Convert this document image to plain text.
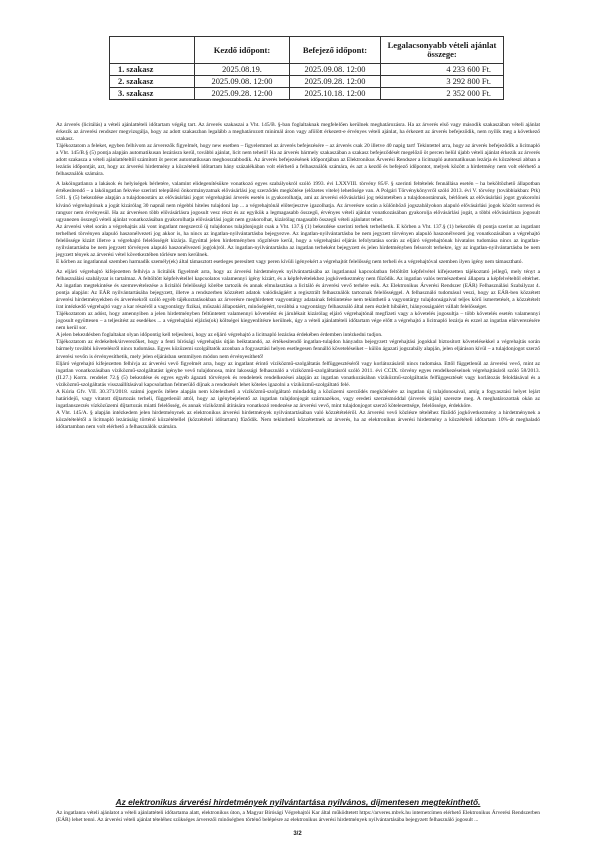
	Kezdő időpont:	Befejező időpont:	Legalacsonyabb vételi ajánlat összege:
1. szakasz	2025.08.19.	2025.09.08. 12:00	4 233 600 Ft.
2. szakasz	2025.09.08. 12:00	2025.09.28. 12:00	3 292 800 Ft.
3. szakasz	2025.09.28. 12:00	2025.10.18. 12:00	2 352 000 Ft.

Az árverés (licitálás) a vételi ajánlattételi időtartam végéig tart. Az árverés szakaszai a Vht. 145/B. §-ban foglaltaknak megfelelően kerülnek meghatározásra. Ha az árverés első vagy második szakaszában vételi ajánlat érkezik az árverési rendszer megvizsgálja, hogy az adott szakaszban legalább a meghatározott minimál áron vagy afölött érkezett-e érvényes vételi ajánlat, ha érkezett az árverés befejeződik, nem nyílik meg a következő szakasz.

Tájékoztatom a feleket, egyben felhívom az árverezők figyelmét, hogy new esetben – figyelemmel az árverés befejezésére – az árverés csak 20 illetve 40 napig tart! Tekintettel arra, hogy az árverés befejeződik a licitnapló a Vht. 145/B.§ (5) pontja alapján automatikusan lezárásra kerül, további ajánlat, licit nem tehető! Ha az árverés bármely szakaszában a szakasz befejeződését megelőző öt percen belül újabb vételi ajánlat érkezik az árverés adott szakasza a vételi ajánlattételtől számított öt percet automatikusan meghosszabbodik. Az árverés befejezésének időpontjában az Elektronikus Árverési Rendszer a licitnapló automatikusan lezárja és közzéteszi abban a lezárás időpontját, azt, hogy az árverési hirdetmény a közzétételi időtartam hány százalékában volt elérhető a felhasználók számára, és azt a kezdő és befejező időpontot, melyek között a hirdetmény nem volt elérhető a felhasználók számára.

A lakóingatlanra a lakások és helyiségek bérletére, valamint elidegenítésükre vonatkozó egyes szabályokról szóló 1993. évi LXXVIII. törvény 85/F. § szerinti feltételek fennállása esetén – ha beköltözhető állapotban értékesítendő – a lakóingatlan fekvése szerinti települési önkormányzatnak elővásárlási jog szerződés megkötése (előzetes vitele) lehetősége van. A Polgári Törvénykönyvről szóló 2013. évi V. törvény (továbbiakban: Ptk) 5:81. § (5) bekezdése alapján a tulajdonostárs az elővásárlási jogot végrehajtási árverés esetén is gyakorolhatja, ami az árverési elővásárlási jog tekintetében a tulajdonostársnak, bérlőnek az elővásárlási jogot gyakorolni kívánó végrehajtónak a jogát kizárólag 30 napnál nem régebbi hiteles tulajdoni lap ... a végrehajtónál előterjesztve igazolhatja. Az árverésre során a különböző jogszabályokon alapuló elővásárlási jogok között sorrend és rangsor nem érvényesül. Ha az árverésen több elővásárlásra jogosult vesz részt és az egyikük a legmagasabb összegű, érvényes vételi ajánlat vonatkozásában gyakorolja elővásárlási jogát, a többi elővásárlásra jogosult ugyanezen összegű vételi ajánlat vonatkozásában gyakorolhatja elővásárlási jogát nem gyakorolhat, kizárólag magasabb összegű vételi ajánlatot tehet.

Az árverési vétel során a végrehajtás alá vont ingatlant megszerző új tulajdonos tulajdonjogát csak a Vht. 137.§ (1) bekezdése szerinti terhek terhelhetik. E körben a Vht. 137.§ (1) bekezdés d) pontja szerint az ingatlant terhelheti törvényen alapuló haszonélvezeti jog akkor is, ha nincs az ingatlan-nyilvántartásba bejegyezve. Az ingatlan-nyilvántartásba be nem jegyzett törvényen alapuló haszonélvezeti jog vonatkozásában a végrehajtó felelőssége kizárt illetve a végrehajtó felelősségét kizárja. Egyúttal jelen hirdetményben rögzítésre kerül, hogy a végrehajtási eljárás lefolytatása során az eljáró végrehajtónak hivatalos tudomása nincs az ingatlan-nyilvántartásba be nem jegyzett törvényen alapuló haszonélvezeti jog(ok)ról. Az ingatlan-nyilvántartásba az ingatlan terheként bejegyzett és jelen hirdetményben felsorolt terhekre, így az ingatlan-nyilvántartásba be nem jegyzett tények az árverési vétel következtében törlésre nem kerülnek.

E körben az ingatlannal szemben harmadik személy(ek) által támasztott esetleges peresített vagy peren kívüli igényekért a végrehajtót felelősség nem terheli és a végrehajtóval szemben ilyen igény nem támasztható.

Az eljáró végrehajtó kifejezetten felhívja a licitálók figyelmét arra, hogy az árverési hirdetmények nyilvántartásába az ingatlannal kapcsolatban feltöltött képfelvétel kifejezetten tájékoztató jellegű, mely tényt a felhasználási szabályzat is tartalmaz. A feltöltött képfelvétellel kapcsolatos valamennyi igény kizárt, és a képfelvételekhez jogkövetkezmény nem fűződik. Az ingatlan valós természetbeni állapota a képfelvételtől eltérhet. Az ingatlan megtekintése és szemrevételezése a licitálói felelősségi körébe tartozik és annak elmulasztása a licitáló és árverési vevő terhére esik. Az Elektronikus Árverési Rendszer (EÁR) Felhasználási Szabályzat 4. pontja alapján: Az EÁR nyilvántartásába bejegyzett, illetve a rendszerben közzétett adatok valódiságáért a regisztrált felhasználók tartoznak felelősséggel. A felhasználó tudomásul veszi, hogy az EÁR-ben közzétett árverési hirdetményekben és árverésekről szóló egyéb tájékoztatásokban az árverésre meghirdetett vagyontárgy adatainak feltüntetése nem tekinthető a vagyontárgy tulajdonságaival teljes körű ismertetését, a közzétételt írat intézkedő végrehajtó vagy a kar részéről a vagyontárgy fizikai, műszaki állapotáért, minőségéért, továbbá a vagyontárgy felhasználó által nem észlelt hibáiért, hiányosságaiért vállalt felelősséget.

Tájékoztatom az adóst, hogy amennyiben a jelen hirdetményben feltüntetett valamennyi követelést és járulékait kizárólag eljáró végrehajtónál megfizeti vagy a követelés jogosultja – több követelés esetén valamennyi jogosult együttesen – a teljesítést az esedékes ... a végrehajtási eljárás(ok) költségei kiegyenlítésre kerülnek, úgy a vételi ajánlattételi időtartam vége előtt a végrehajtó a licitnapló lezárja és ezzel az ingatlan elárverezésére nem kerül sor.

A jelen bekezdésben foglaltakat olyan időpontig kell teljesíteni, hogy az eljáró végrehajtó a licitnapló lezárása érdekében érdemben intézkedni tudjon.

Tájékoztatom az érdekeltek/árverezőket, hogy a fenti bírósági végrehajtás útján beiktatandó, az értékesítendő ingatlan-tulajdon hányadra bejegyzett végrehajtási jogokkal biztosított követelésekkel a végrehajtás során bármely további követelésről nincs tudomása. Egyes közüzemi szolgáltatók azonban a fogyasztási helyen esetlegesen fennálló követeléseiket – külön ágazati jogszabály alapján, jelen eljáráson kívül – a tulajdonjogot szerző árverési vevőn is érvényesíthetik, mely jelen eljárásban semmilyen módon nem érvényesíthető!

Eljáró végrehajtó kifejezetten felhívja az árverési vevő figyelmét arra, hogy az ingatlant érintő víziközmű-szolgáltatás felfüggesztéséről vagy korlátozásáról nincs tudomása. Ettől függetlenül az árverési vevő, mint az ingatlan vonatkozásában víziközmű-szolgáltatást igénybe vevő tulajdonosa, mint lakossági felhasználó a víziközmű-szolgáltatásról szóló 2011. évi CCIX. törvény egyes rendelkezéseinek végrehajtásáról szóló 58/2013. (II.27.) Korm. rendelet 72.§ (5) bekezdése és egyes egyéb ágazati törvények és rendeletek rendelkezései alapján az ingatlan vonatkozásában víziközmű-szolgáltatás felfüggesztését vagy korlátozás feloldásával és a víziközmű-szolgáltatás visszaállításával kapcsolatban felmerülő díjnak a rendezését lehet köteles igazolni a víziközmű-szolgáltató felé.

A Kúria Gfv. VII. 30.371/2018. számú jogerős ítélete alapján nem kötelezhető a víziközmű-szolgáltató mindaddig a közüzemi szerződés megkötésére az ingatlan új tulajdonosával, amíg a fogyasztási helyet lejárt határidejű, vagy vitatott díjtartozás terheli, függetlenül attól, hogy az igénybejelentő az ingatlan tulajdonjogát származékos, vagy eredeti szerzésmóddal (árverés útján) szerezte meg. A meghatározottak okán az ingatlanszerzés vízközüzemi díjtartozás miatti felelősség, és annak víziközmű átírására vonatkozó rendezése az árverési vevő, mint tulajdonjogot szerző kötelezettsége, felelőssége, érdekköre.

A Vht. 145/A. § alapján intézkedem jelen hirdetménynek az elektronikus árverési hirdetmények nyilvántartásában való közzétételéről. Az árverési vevő közlésre tételéhez fűződő jogkövetkezmény a hirdetménynek a közzétételétől a licitnapló lezárásáig történő közzététellel (közzétételi időtartam) fűződik. Nem tekinthető közzétettnek az árverés, ha az elektronikus árverési hirdetmény a közzétételi időtartam 10%-át meghaladó időtartamban nem volt elérhető a felhasználók számára.

Az elektronikus árverési hirdetmények nyilvántartása nyilvános, díjmentesen megtekinthető.
Az ingatlanra vételi ajánlatot a vételi ajánlattételi időtartama alatt, elektronikus úton, a Magyar Bírósági Végrehajtói Kar által működtetett https://arveres.mbvk.hu internetcímen elérhető Elektronikus Árverési Rendszerben (EÁR) lehet tenni. Az árverési vételi ajánlat tételéhez szükséges árverezői minőségben történő belépésre az elektronikus árverési hirdetmények nyilvántartásába bejegyzett felhasználó jogosult ...
3/2
